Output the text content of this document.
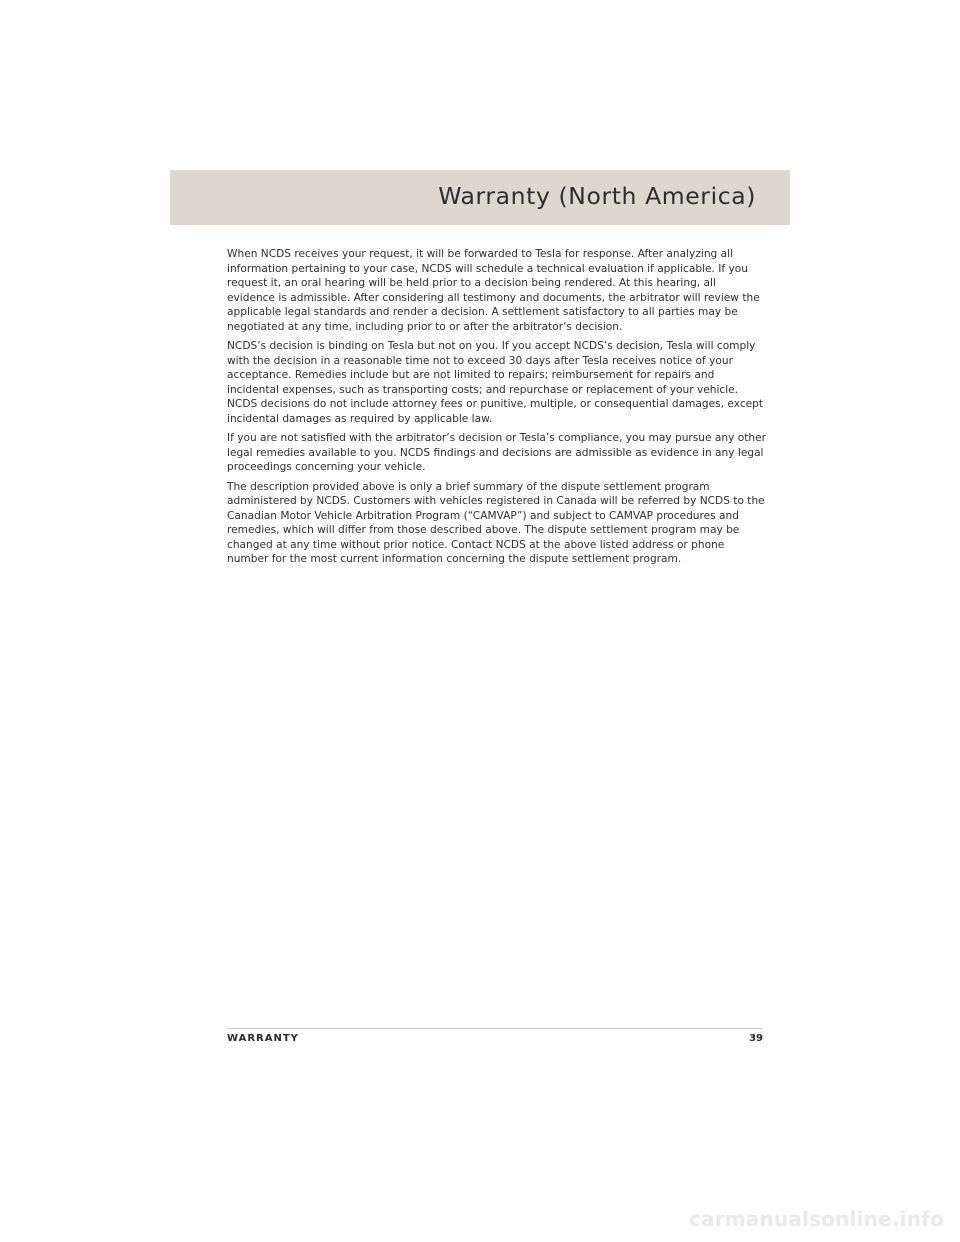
Warranty (North America)

When NCDS receives your request, it will be forwarded to Tesla for response. After analyzing all information pertaining to your case, NCDS will schedule a technical evaluation if applicable. If you request it, an oral hearing will be held prior to a decision being rendered. At this hearing, all evidence is admissible. After considering all testimony and documents, the arbitrator will review the applicable legal standards and render a decision. A settlement satisfactory to all parties may be negotiated at any time, including prior to or after the arbitrator’s decision.

NCDS’s decision is binding on Tesla but not on you. If you accept NCDS’s decision, Tesla will comply with the decision in a reasonable time not to exceed 30 days after Tesla receives notice of your acceptance. Remedies include but are not limited to repairs; reimbursement for repairs and incidental expenses, such as transporting costs; and repurchase or replacement of your vehicle. NCDS decisions do not include attorney fees or punitive, multiple, or consequential damages, except incidental damages as required by applicable law.

If you are not satisfied with the arbitrator’s decision or Tesla’s compliance, you may pursue any other legal remedies available to you. NCDS findings and decisions are admissible as evidence in any legal proceedings concerning your vehicle.

The description provided above is only a brief summary of the dispute settlement program administered by NCDS. Customers with vehicles registered in Canada will be referred by NCDS to the Canadian Motor Vehicle Arbitration Program (“CAMVAP”) and subject to CAMVAP procedures and remedies, which will differ from those described above. The dispute settlement program may be changed at any time without prior notice. Contact NCDS at the above listed address or phone number for the most current information concerning the dispute settlement program.

WARRANTY	39
carmanualsonline.info
